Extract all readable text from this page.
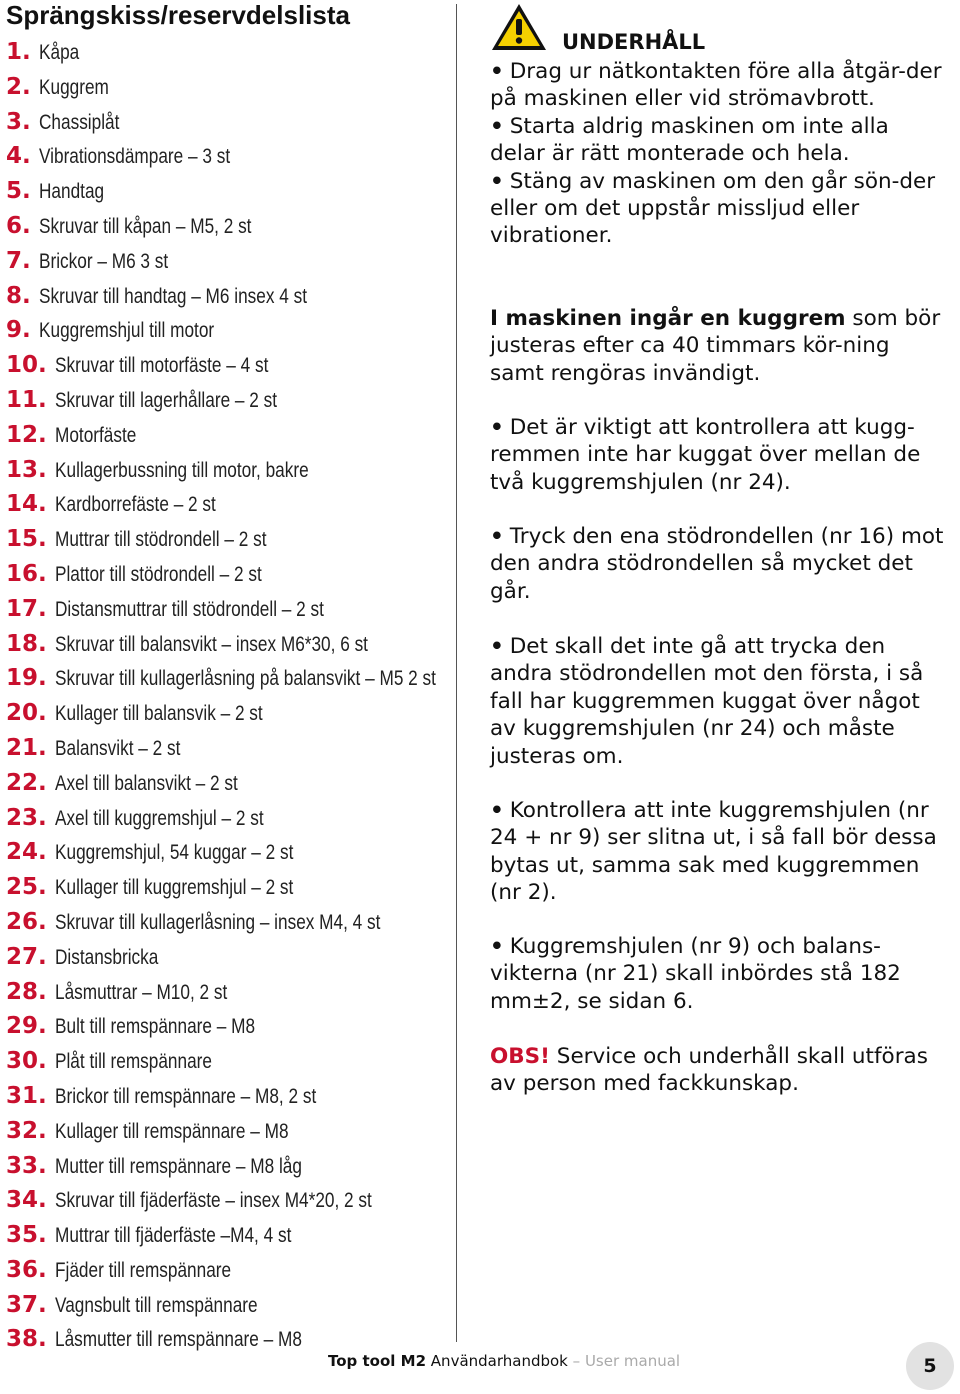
Sprängskiss/reservdelslista
1. Kåpa
2. Kuggrem
3. Chassiplåt
4. Vibrationsdämpare – 3 st
5. Handtag
6. Skruvar till kåpan – M5, 2 st
7. Brickor – M6 3 st
8. Skruvar till handtag – M6 insex 4 st
9. Kuggremshjul till motor
10. Skruvar till motorfäste – 4 st
11. Skruvar till lagerhållare – 2 st
12. Motorfäste
13. Kullagerbussning till motor, bakre
14. Kardborrefäste – 2 st
15. Muttrar till stödrondell – 2 st
16. Plattor till stödrondell – 2 st
17. Distansmuttrar till stödrondell – 2 st
18. Skruvar till balansvikt – insex M6*30, 6 st
19. Skruvar till kullagerlåsning på balansvikt – M5 2 st
20. Kullager till balansvik – 2 st
21. Balansvikt – 2 st
22. Axel till balansvikt – 2 st
23. Axel till kuggremshjul – 2 st
24. Kuggremshjul, 54 kuggar – 2 st
25. Kullager till kuggremshjul – 2 st
26. Skruvar till kullagerlåsning – insex M4, 4 st
27. Distansbricka
28. Låsmuttrar – M10, 2 st
29. Bult till remspännare – M8
30. Plåt till remspännare
31. Brickor till remspännare – M8, 2 st
32. Kullager till remspännare – M8
33. Mutter till remspännare – M8 låg
34. Skruvar till fjäderfäste – insex M4*20, 2 st
35. Muttrar till fjäderfäste –M4, 4 st
36. Fjäder till remspännare
37. Vagnsbult till remspännare
38. Låsmutter till remspännare – M8
UNDERHÅLL

• Drag ur nätkontakten före alla åtgär-der på maskinen eller vid strömavbrott.

• Starta aldrig maskinen om inte alla delar är rätt monterade och hela.

• Stäng av maskinen om den går sön-der eller om det uppstår missljud eller vibrationer.

I maskinen ingår en kuggrem som bör justeras efter ca 40 timmars kör-ning samt rengöras invändigt.

• Det är viktigt att kontrollera att kugg-remmen inte har kuggat över mellan de två kuggremshjulen (nr 24).

• Tryck den ena stödrondellen (nr 16) mot den andra stödrondellen så mycket det går.

• Det skall det inte gå att trycka den andra stödrondellen mot den första, i så fall har kuggremmen kuggat över något av kuggremshjulen (nr 24) och måste justeras om.

• Kontrollera att inte kuggremshjulen (nr 24 + nr 9) ser slitna ut, i så fall bör dessa bytas ut, samma sak med kuggremmen (nr 2).

• Kuggremshjulen (nr 9) och balans-vikterna (nr 21) skall inbördes stå 182 mm±2, se sidan 6.

OBS! Service och underhåll skall utföras av person med fackkunskap.

Top tool M2 Användarhandbok – User manual	5
